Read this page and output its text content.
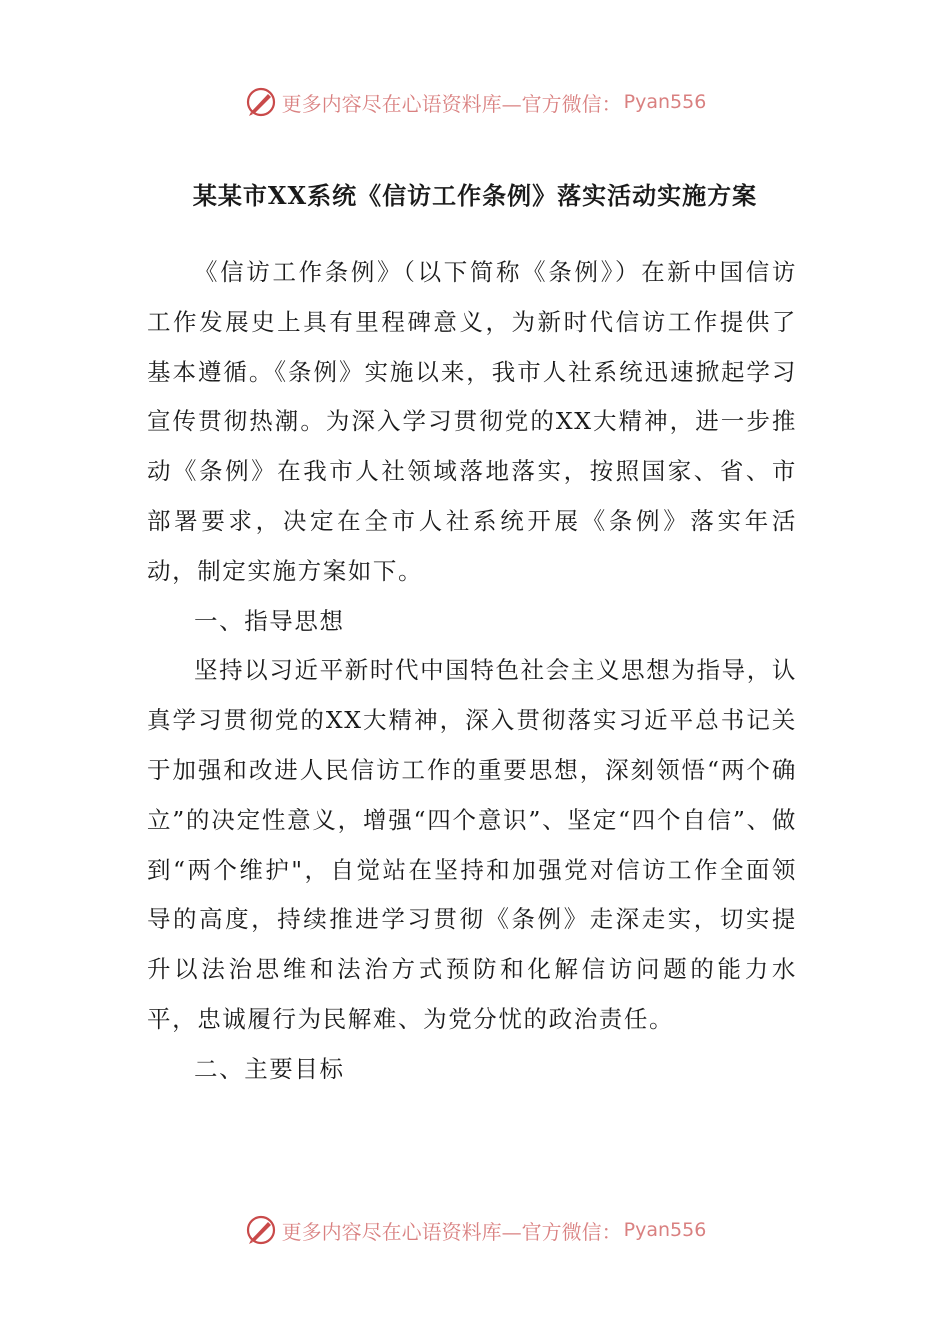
更多内容尽在心语资料库—官方微信： Pyan556
某某市XX系统《信访工作条例》落实活动实施方案

《信访工作条例》（以下简称《条例》）在新中国信访工作发展史上具有里程碑意义，为新时代信访工作提供了基本遵循。《条例》实施以来，我市人社系统迅速掀起学习宣传贯彻热潮。为深入学习贯彻党的XX大精神，进一步推动《条例》在我市人社领域落地落实，按照国家、省、市部署要求，决定在全市人社系统开展《条例》落实年活动，制定实施方案如下。

一、指导思想

坚持以习近平新时代中国特色社会主义思想为指导，认真学习贯彻党的XX大精神，深入贯彻落实习近平总书记关于加强和改进人民信访工作的重要思想，深刻领悟“两个确立”的决定性意义，增强“四个意识”、坚定“四个自信”、做到“两个维护"，自觉站在坚持和加强党对信访工作全面领导的高度，持续推进学习贯彻《条例》走深走实，切实提升以法治思维和法治方式预防和化解信访问题的能力水平，忠诚履行为民解难、为党分忧的政治责任。

二、主要目标

更多内容尽在心语资料库—官方微信： Pyan556
